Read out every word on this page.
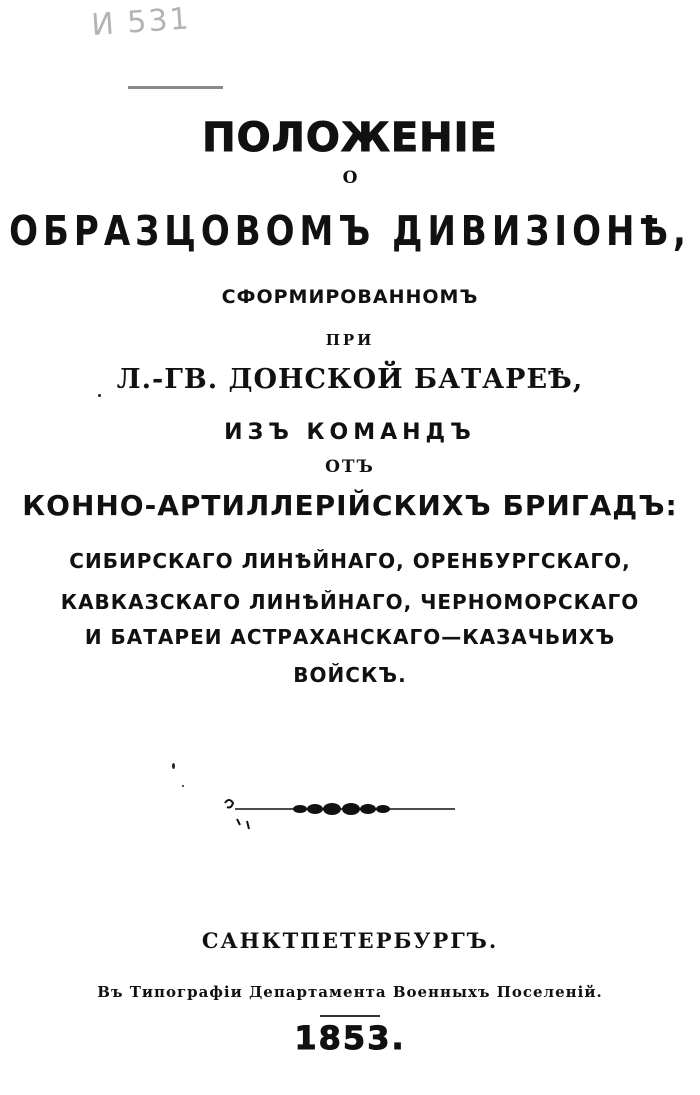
И 531
ПОЛОЖЕНІЕ
О
ОБРАЗЦОВОМЪ ДИВИЗІОНѢ,
СФОРМИРОВАННОМЪ
ПРИ
Л.-ГВ. ДОНСКОЙ БАТАРЕѢ,
ИЗЪ КОМАНДЪ
ОТЪ
КОННО-АРТИЛЛЕРІЙСКИХЪ БРИГАДЪ:
СИБИРСКАГО ЛИНѢЙНАГО, ОРЕНБУРГСКАГО,
КАВКАЗСКАГО ЛИНѢЙНАГО, ЧЕРНОМОРСКАГО
И БАТАРЕИ АСТРАХАНСКАГО—КАЗАЧЬИХЪ
ВОЙСКЪ.
САНКТПЕТЕРБУРГЪ.
Въ Типографіи Департамента Военныхъ Поселеній.
1853.
